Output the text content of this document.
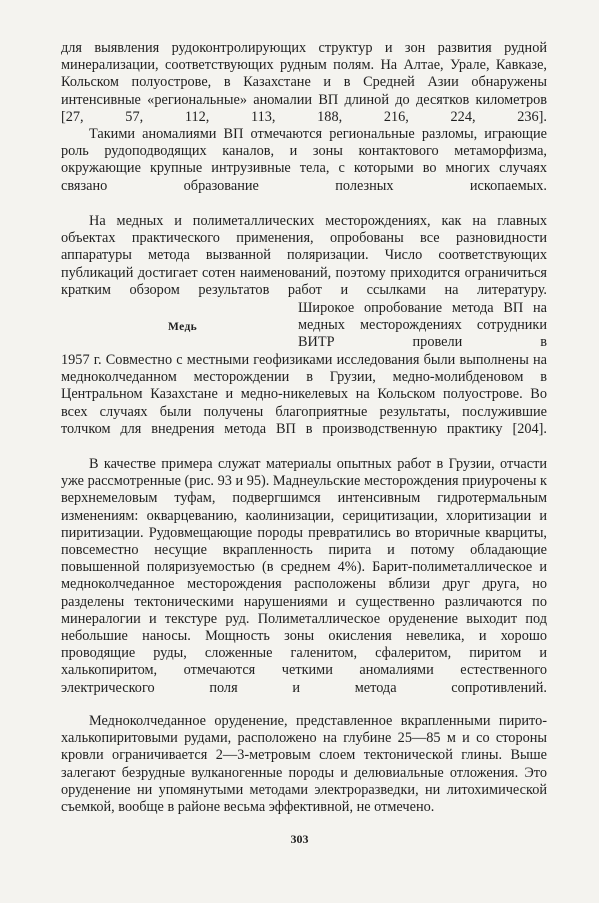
для выявления рудоконтролирующих структур и зон развития рудной минерализации, соответствующих рудным полям. На Алтае, Урале, Кавказе, Кольском полуострове, в Казахстане и в Средней Азии обнаружены интенсивные «региональные» аномалии ВП длиной до десятков километров [27, 57, 112, 113, 188, 216, 224, 236].
Такими аномалиями ВП отмечаются региональные разломы, играющие роль рудоподводящих каналов, и зоны контактового метаморфизма, окружающие крупные интрузивные тела, с которыми во многих случаях связано образование полезных ископаемых.
На медных и полиметаллических месторождениях, как на главных объектах практического применения, опробованы все разновидности аппаратуры метода вызванной поляризации. Число соответствующих публикаций достигает сотен наименований, поэтому приходится ограничиться кратким обзором результатов работ и ссылками на литературу.
Медь
Широкое опробование метода ВП на медных месторождениях сотрудники ВИТР провели в
1957 г. Совместно с местными геофизиками исследования были выполнены на медноколчеданном месторождении в Грузии, медно-молибденовом в Центральном Казахстане и медно-никелевых на Кольском полуострове. Во всех случаях были получены благоприятные результаты, послужившие толчком для внедрения метода ВП в производственную практику [204].
В качестве примера служат материалы опытных работ в Грузии, отчасти уже рассмотренные (рис. 93 и 95). Маднеульские месторождения приурочены к верхнемеловым туфам, подвергшимся интенсивным гидротермальным изменениям: окварцеванию, каолинизации, серицитизации, хлоритизации и пиритизации. Рудовмещающие породы превратились во вторичные кварциты, повсеместно несущие вкрапленность пирита и потому обладающие повышенной поляризуемостью (в среднем 4%). Барит-полиметаллическое и медноколчеданное месторождения расположены вблизи друг друга, но разделены тектоническими нарушениями и существенно различаются по минералогии и текстуре руд. Полиметаллическое оруденение выходит под небольшие наносы. Мощность зоны окисления невелика, и хорошо проводящие руды, сложенные галенитом, сфалеритом, пиритом и халькопиритом, отмечаются четкими аномалиями естественного электрического поля и метода сопротивлений.
Медноколчеданное оруденение, представленное вкрапленными пирито-халькопиритовыми рудами, расположено на глубине 25—85 м и со стороны кровли ограничивается 2—3-метровым слоем тектонической глины. Выше залегают безрудные вулканогенные породы и делювиальные отложения. Это оруденение ни упомянутыми методами электроразведки, ни литохимической съемкой, вообще в районе весьма эффективной, не отмечено.
303
